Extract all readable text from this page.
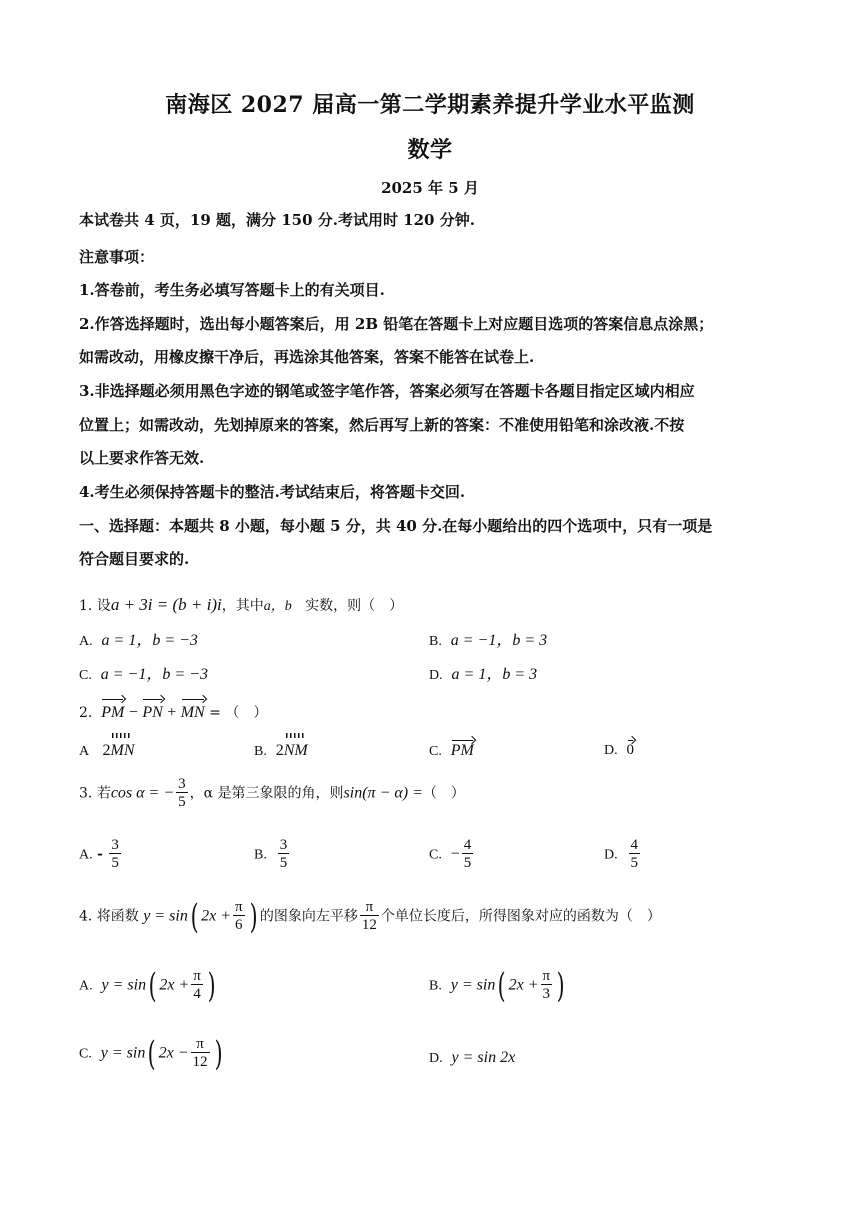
南海区 2027 届高一第二学期素养提升学业水平监测
数学
2025 年 5 月
本试卷共 4 页，19 题，满分 150 分.考试用时 120 分钟.
注意事项：
1.答卷前，考生务必填写答题卡上的有关项目.
2.作答选择题时，选出每小题答案后，用 2B 铅笔在答题卡上对应题目选项的答案信息点涂黑；
如需改动，用橡皮擦干净后，再选涂其他答案，答案不能答在试卷上.
3.非选择题必须用黑色字迹的钢笔或签字笔作答，答案必须写在答题卡各题目指定区域内相应
位置上；如需改动，先划掉原来的答案，然后再写上新的答案：不准使用铅笔和涂改液.不按
以上要求作答无效.
4.考生必须保持答题卡的整洁.考试结束后，将答题卡交回.
一、选择题：本题共 8 小题，每小题 5 分，共 40 分.在每小题给出的四个选项中，只有一项是
符合题目要求的.
1. 设a + 3i = (b + i)i，其中a，b 实数，则（　）
A. a = 1，b = −3	B. a = −1，b = 3
C. a = −1，b = −3	D. a = 1，b = 3
2. PM − PN + MN = （　）
A 2
MN	B. 2
NM	C. PM	D. 0
3. 若cos α = − $\frac{3}{5}$ ，α 是第三象限的角，则sin(π − α) =（　）
A. - $\frac{3}{5}$	B. $\frac{3}{5}$	C. − $\frac{4}{5}$	D. $\frac{4}{5}$
4. 将函数 y = sin( $2x + \frac{\pi}{6}$ ) 的图象向左平移 $\frac{\pi}{12}$ 个单位长度后，所得图象对应的函数为（　）
A. y = sin( $2x + \frac{\pi}{4}$ )	B. y = sin( $2x + \frac{\pi}{3}$ )
C. y = sin( $2x - \frac{\pi}{12}$ )	D. y = sin 2x
